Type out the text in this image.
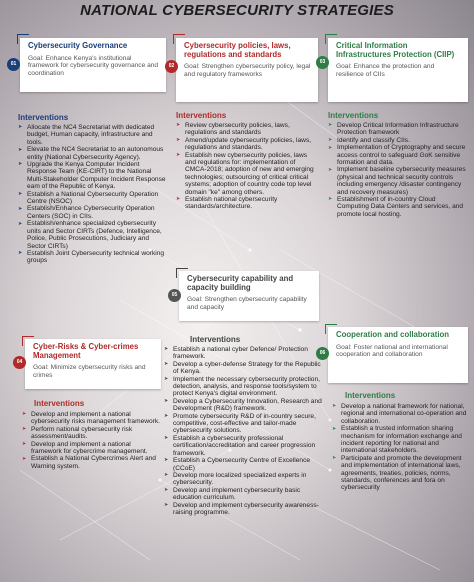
NATIONAL CYBERSECURITY STRATEGIES
Cybersecurity Governance
Goal: Enhance Kenya's institutional framework for cybersecurity governance and coordination
01
Interventions
➤ Allocate the NC4 Secretariat with dedicated budget, Human capacity, infrastructure and tools.
➤ Elevate the NC4 Secretariat to an autonomous entity (National Cybersecurity Agency).
➤ Upgrade the Kenya Computer Incident Response Team (KE-CIRT) to the National Multi-Stakeholder Computer Incident Response eam of the Republic of Kenya.
➤ Establish a National Cybersecurity Operation Centre (NSOC)
➤ Establish/Enhance Cybersecurity Operation Centers (SOC) in CIIs.
➤ Establish/enhance specialized cybersecurity units and Sector CIRTs (Defence, Intelligence, Police, Public Prosecutions, Judiciary and Sector CIRTs)
➤ Establish Joint Cybersecurity technical working groups
Cybersecurity policies, laws, regulations and standards
Goal: Strengthen cybersecurity policy, legal and regulatory frameworks
02
Interventions
➤ Review cybersecurity policies, laws, regulations and standards
➤ Amend/update cybersecurity policies, laws, regulations and standards.
➤ Establish new cybersecurity policies, laws and regulations for: implementation of CMCA-2018; adoption of new and emerging technologies; outsourcing of critical critical systems; adoption of country code top level domain "ke" among others.
➤ Establish national cybersecurity standards/architecture.
Critical Information Infrastructures Protection (CIIP)
Goal: Enhance the protection and resilience of CIIs
03
Interventions
➤ Develop Critical Information Infrastructure Protection framework
➤ Identify and classify CIIs.
➤ Implementation of Cryptography and secure access control to safeguard GoK sensitive formation and data.
➤ Implement baseline cybersecurity measures (physical and technical security controls including emergency /disaster contingency and recovery measures)
➤ Establishment of in-country Cloud Computing Data Centers and services, and promote local hosting.
Cybersecurity capability and capacity building
Goal: Strengthen cybersecurity capability and capacity
05
Interventions
➤ Establish a national cyber Defence/ Protection framework.
➤ Develop a cyber-defense Strategy for the Republic of Kenya.
➤ Implement the necessary cybersecurity protection, detection, analysis, and response tools/system to protect Kenya's digital environment.
➤ Develop a Cybersecurity Innovation, Research and Development (R&D) framework.
➤ Promote cybersecurity R&D of in-country secure, competitive, cost-effective and tailor-made cybersecurity solutions.
➤ Establish a cybersecurity professional certification/accreditation and career progression framework.
➤ Establish a Cybersecurity Centre of Excellence (CCoE)
➤ Develop more localized specialized experts in cybersecurity.
➤ Develop and implement cybersecurity basic education curriculum.
➤ Develop and implement cybersecurity awareness-raising programme.
Cyber-Risks & Cyber-crimes Management
Goal: Minimize cybersecurity risks and crimes
04
Interventions
➤ Develop and implement a national cybersecurity risks management framework.
➤ Perform national cybersecurity risk assessment/audits.
➤ Develop and implement a national framework for cybercrime management.
➤ Establish a National Cybercrimes Alert and Warning system.
Cooperation and collaboration
Goal: Foster national and international cooperation and collaboration
06
Interventions
➤ Develop a national framework for national, regional and international co-operation and collaboration.
➤ Establish a trusted information sharing mechanism for information exchange and incident reporting for national and international stakeholders.
➤ Participate and promote the development and implementation of international laws, agreements, treaties, policies, norms, standards, conferences and fora on cybersecurity
